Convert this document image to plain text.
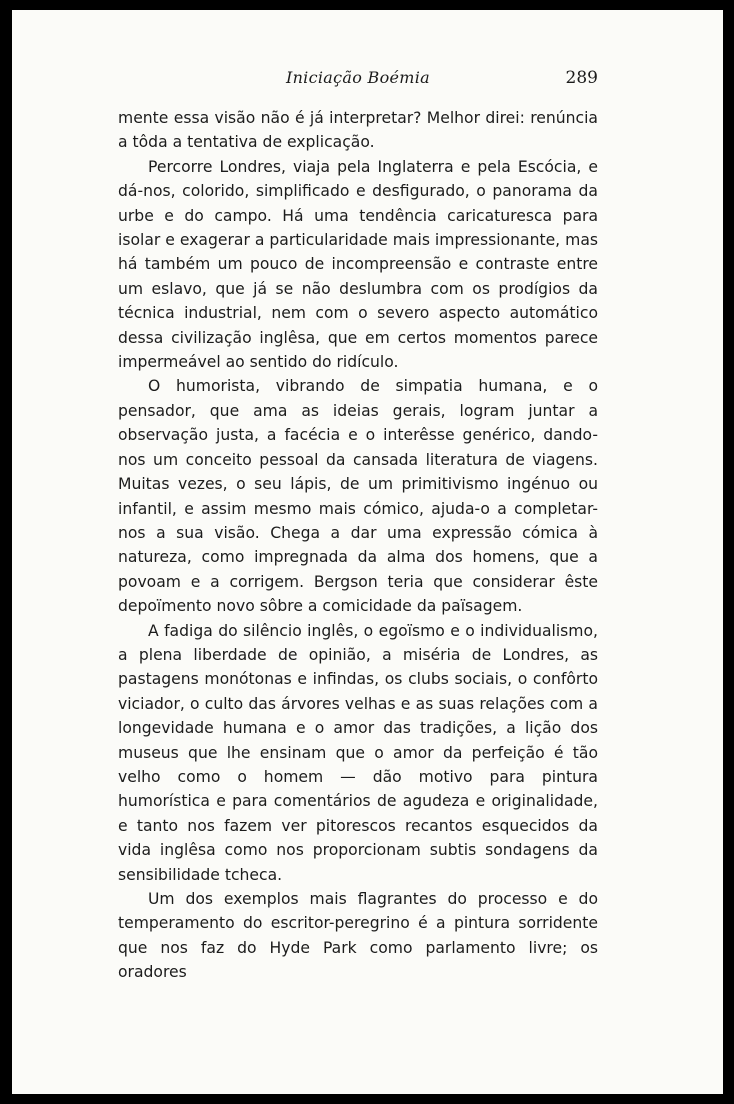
Iniciação Boémia	289

mente essa visão não é já interpretar? Melhor direi: renúncia a tôda a tentativa de explicação.

Percorre Londres, viaja pela Inglaterra e pela Escócia, e dá-nos, colorido, simplificado e desfigurado, o panorama da urbe e do campo. Há uma tendência caricaturesca para isolar e exagerar a particularidade mais impressionante, mas há também um pouco de incompreensão e contraste entre um eslavo, que já se não deslumbra com os prodígios da técnica industrial, nem com o severo aspecto automático dessa civilização inglêsa, que em certos momentos parece impermeável ao sentido do ridículo.

O humorista, vibrando de simpatia humana, e o pensador, que ama as ideias gerais, logram juntar a observação justa, a facécia e o interêsse genérico, dando-nos um conceito pessoal da cansada literatura de viagens. Muitas vezes, o seu lápis, de um primitivismo ingénuo ou infantil, e assim mesmo mais cómico, ajuda-o a completar-nos a sua visão. Chega a dar uma expressão cómica à natureza, como impregnada da alma dos homens, que a povoam e a corrigem. Bergson teria que considerar êste depoïmento novo sôbre a comicidade da païsagem.

A fadiga do silêncio inglês, o egoïsmo e o individualismo, a plena liberdade de opinião, a miséria de Londres, as pastagens monótonas e infindas, os clubs sociais, o confôrto viciador, o culto das árvores velhas e as suas relações com a longevidade humana e o amor das tradições, a lição dos museus que lhe ensinam que o amor da perfeição é tão velho como o homem — dão motivo para pintura humorística e para comentários de agudeza e originalidade, e tanto nos fazem ver pitorescos recantos esquecidos da vida inglêsa como nos proporcionam subtis sondagens da sensibilidade tcheca.

Um dos exemplos mais flagrantes do processo e do temperamento do escritor-peregrino é a pintura sorridente que nos faz do Hyde Park como parlamento livre; os oradores
